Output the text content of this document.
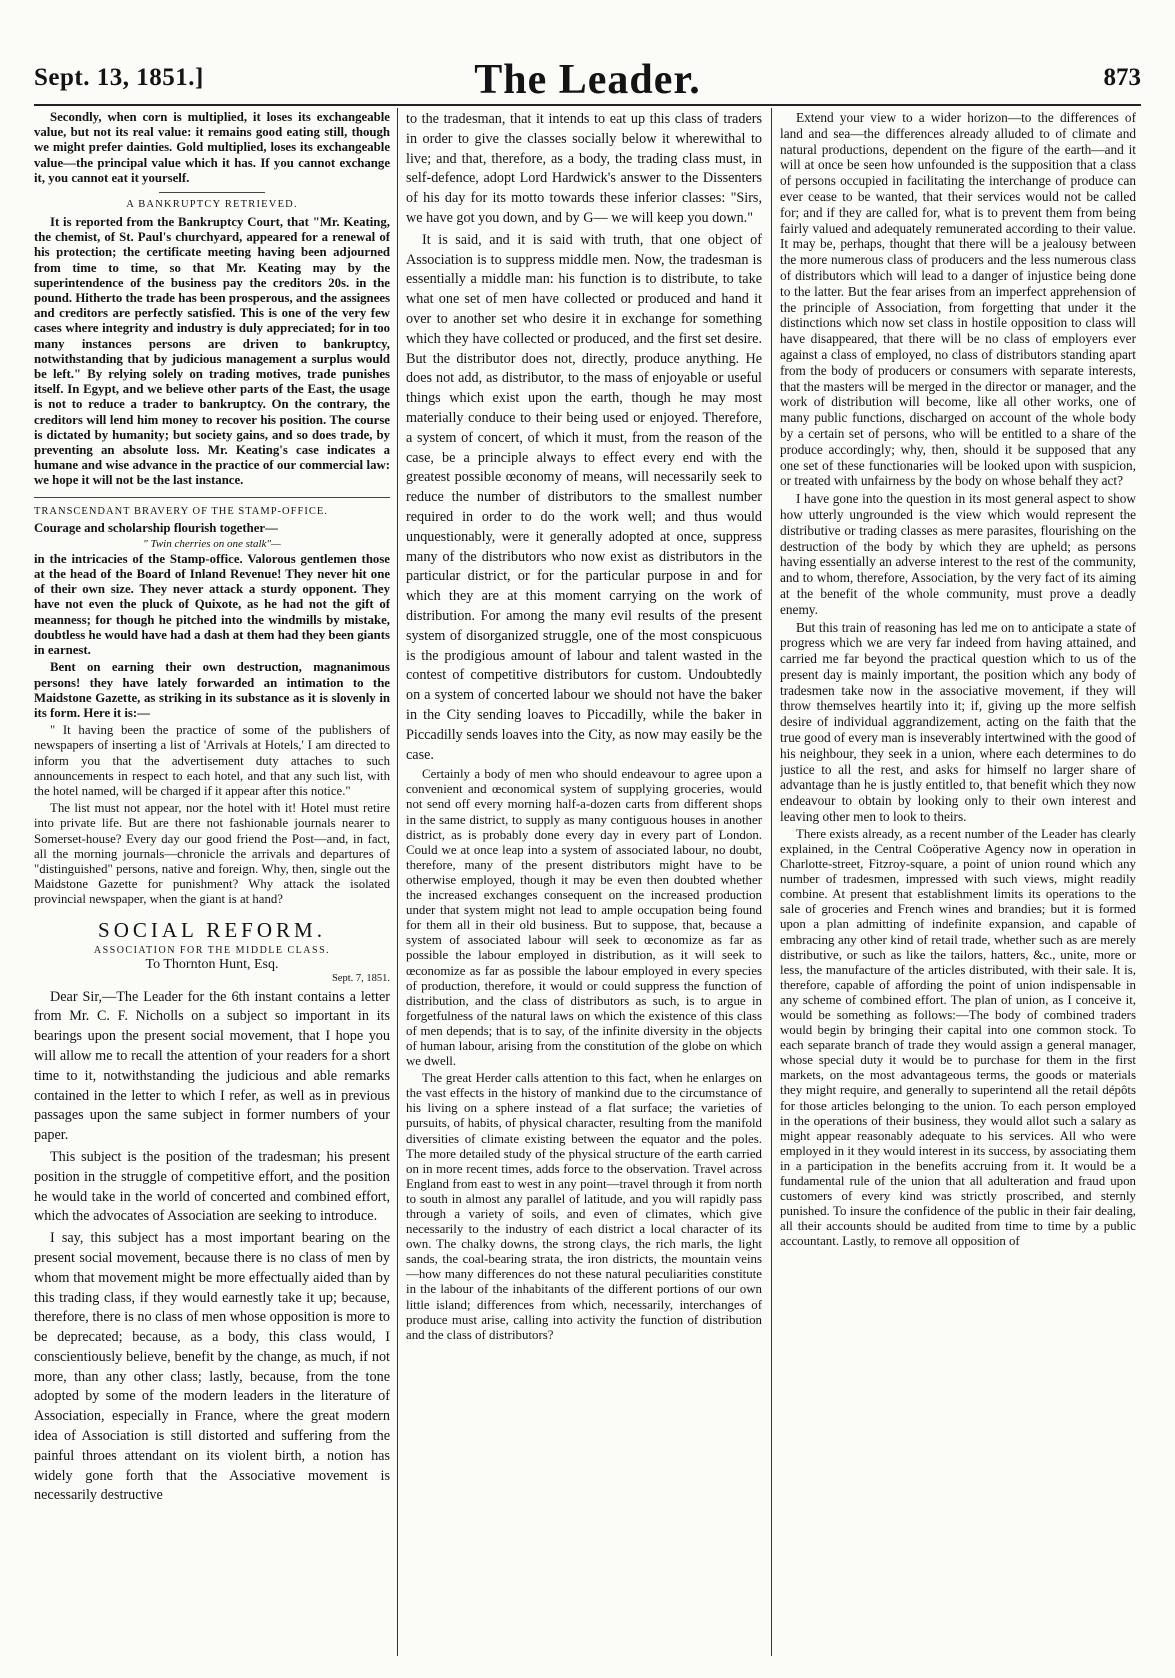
Sept. 13, 1851.]	The Leader.	873

Secondly, when corn is multiplied, it loses its exchangeable value, but not its real value: it remains good eating still, though we might prefer dainties. Gold multiplied, loses its exchangeable value—the principal value which it has. If you cannot exchange it, you cannot eat it yourself.

A BANKRUPTCY RETRIEVED.

It is reported from the Bankruptcy Court, that "Mr. Keating, the chemist, of St. Paul's churchyard, appeared for a renewal of his protection; the certificate meeting having been adjourned from time to time, so that Mr. Keating may by the superintendence of the business pay the creditors 20s. in the pound. Hitherto the trade has been prosperous, and the assignees and creditors are perfectly satisfied. This is one of the very few cases where integrity and industry is duly appreciated; for in too many instances persons are driven to bankruptcy, notwithstanding that by judicious management a surplus would be left." By relying solely on trading motives, trade punishes itself. In Egypt, and we believe other parts of the East, the usage is not to reduce a trader to bankruptcy. On the contrary, the creditors will lend him money to recover his position. The course is dictated by humanity; but society gains, and so does trade, by preventing an absolute loss. Mr. Keating's case indicates a humane and wise advance in the practice of our commercial law: we hope it will not be the last instance.

TRANSCENDANT BRAVERY OF THE STAMP-OFFICE.

Courage and scholarship flourish together—

" Twin cherries on one stalk"—

in the intricacies of the Stamp-office. Valorous gentlemen those at the head of the Board of Inland Revenue! They never hit one of their own size. They never attack a sturdy opponent. They have not even the pluck of Quixote, as he had not the gift of meanness; for though he pitched into the windmills by mistake, doubtless he would have had a dash at them had they been giants in earnest.

Bent on earning their own destruction, magnanimous persons! they have lately forwarded an intimation to the Maidstone Gazette, as striking in its substance as it is slovenly in its form. Here it is:—

" It having been the practice of some of the publishers of newspapers of inserting a list of 'Arrivals at Hotels,' I am directed to inform you that the advertisement duty attaches to such announcements in respect to each hotel, and that any such list, with the hotel named, will be charged if it appear after this notice."

The list must not appear, nor the hotel with it! Hotel must retire into private life. But are there not fashionable journals nearer to Somerset-house? Every day our good friend the Post—and, in fact, all the morning journals—chronicle the arrivals and departures of "distinguished" persons, native and foreign. Why, then, single out the Maidstone Gazette for punishment? Why attack the isolated provincial newspaper, when the giant is at hand?

SOCIAL REFORM.
ASSOCIATION FOR THE MIDDLE CLASS.
To Thornton Hunt, Esq.
Sept. 7, 1851.

Dear Sir,—The Leader for the 6th instant contains a letter from Mr. C. F. Nicholls on a subject so important in its bearings upon the present social movement, that I hope you will allow me to recall the attention of your readers for a short time to it, notwithstanding the judicious and able remarks contained in the letter to which I refer, as well as in previous passages upon the same subject in former numbers of your paper.

This subject is the position of the tradesman; his present position in the struggle of competitive effort, and the position he would take in the world of concerted and combined effort, which the advocates of Association are seeking to introduce.

I say, this subject has a most important bearing on the present social movement, because there is no class of men by whom that movement might be more effectually aided than by this trading class, if they would earnestly take it up; because, therefore, there is no class of men whose opposition is more to be deprecated; because, as a body, this class would, I conscientiously believe, benefit by the change, as much, if not more, than any other class; lastly, because, from the tone adopted by some of the modern leaders in the literature of Association, especially in France, where the great modern idea of Association is still distorted and suffering from the painful throes attendant on its violent birth, a notion has widely gone forth that the Associative movement is necessarily destructive

to the tradesman, that it intends to eat up this class of traders in order to give the classes socially below it wherewithal to live; and that, therefore, as a body, the trading class must, in self-defence, adopt Lord Hardwick's answer to the Dissenters of his day for its motto towards these inferior classes: "Sirs, we have got you down, and by G— we will keep you down."

It is said, and it is said with truth, that one object of Association is to suppress middle men. Now, the tradesman is essentially a middle man: his function is to distribute, to take what one set of men have collected or produced and hand it over to another set who desire it in exchange for something which they have collected or produced, and the first set desire. But the distributor does not, directly, produce anything. He does not add, as distributor, to the mass of enjoyable or useful things which exist upon the earth, though he may most materially conduce to their being used or enjoyed. Therefore, a system of concert, of which it must, from the reason of the case, be a principle always to effect every end with the greatest possible œconomy of means, will necessarily seek to reduce the number of distributors to the smallest number required in order to do the work well; and thus would unquestionably, were it generally adopted at once, suppress many of the distributors who now exist as distributors in the particular district, or for the particular purpose in and for which they are at this moment carrying on the work of distribution. For among the many evil results of the present system of disorganized struggle, one of the most conspicuous is the prodigious amount of labour and talent wasted in the contest of competitive distributors for custom. Undoubtedly on a system of concerted labour we should not have the baker in the City sending loaves to Piccadilly, while the baker in Piccadilly sends loaves into the City, as now may easily be the case.

Certainly a body of men who should endeavour to agree upon a convenient and œconomical system of supplying groceries, would not send off every morning half-a-dozen carts from different shops in the same district, to supply as many contiguous houses in another district, as is probably done every day in every part of London. Could we at once leap into a system of associated labour, no doubt, therefore, many of the present distributors might have to be otherwise employed, though it may be even then doubted whether the increased exchanges consequent on the increased production under that system might not lead to ample occupation being found for them all in their old business. But to suppose, that, because a system of associated labour will seek to œconomize as far as possible the labour employed in distribution, as it will seek to œconomize as far as possible the labour employed in every species of production, therefore, it would or could suppress the function of distribution, and the class of distributors as such, is to argue in forgetfulness of the natural laws on which the existence of this class of men depends; that is to say, of the infinite diversity in the objects of human labour, arising from the constitution of the globe on which we dwell.

The great Herder calls attention to this fact, when he enlarges on the vast effects in the history of mankind due to the circumstance of his living on a sphere instead of a flat surface; the varieties of pursuits, of habits, of physical character, resulting from the manifold diversities of climate existing between the equator and the poles. The more detailed study of the physical structure of the earth carried on in more recent times, adds force to the observation. Travel across England from east to west in any point—travel through it from north to south in almost any parallel of latitude, and you will rapidly pass through a variety of soils, and even of climates, which give necessarily to the industry of each district a local character of its own. The chalky downs, the strong clays, the rich marls, the light sands, the coal-bearing strata, the iron districts, the mountain veins—how many differences do not these natural peculiarities constitute in the labour of the inhabitants of the different portions of our own little island; differences from which, necessarily, interchanges of produce must arise, calling into activity the function of distribution and the class of distributors?

Extend your view to a wider horizon—to the differences of land and sea—the differences already alluded to of climate and natural productions, dependent on the figure of the earth—and it will at once be seen how unfounded is the supposition that a class of persons occupied in facilitating the interchange of produce can ever cease to be wanted, that their services would not be called for; and if they are called for, what is to prevent them from being fairly valued and adequately remunerated according to their value. It may be, perhaps, thought that there will be a jealousy between the more numerous class of producers and the less numerous class of distributors which will lead to a danger of injustice being done to the latter. But the fear arises from an imperfect apprehension of the principle of Association, from forgetting that under it the distinctions which now set class in hostile opposition to class will have disappeared, that there will be no class of employers ever against a class of employed, no class of distributors standing apart from the body of producers or consumers with separate interests, that the masters will be merged in the director or manager, and the work of distribution will become, like all other works, one of many public functions, discharged on account of the whole body by a certain set of persons, who will be entitled to a share of the produce accordingly; why, then, should it be supposed that any one set of these functionaries will be looked upon with suspicion, or treated with unfairness by the body on whose behalf they act?

I have gone into the question in its most general aspect to show how utterly ungrounded is the view which would represent the distributive or trading classes as mere parasites, flourishing on the destruction of the body by which they are upheld; as persons having essentially an adverse interest to the rest of the community, and to whom, therefore, Association, by the very fact of its aiming at the benefit of the whole community, must prove a deadly enemy.

But this train of reasoning has led me on to anticipate a state of progress which we are very far indeed from having attained, and carried me far beyond the practical question which to us of the present day is mainly important, the position which any body of tradesmen take now in the associative movement, if they will throw themselves heartily into it; if, giving up the more selfish desire of individual aggrandizement, acting on the faith that the true good of every man is inseverably intertwined with the good of his neighbour, they seek in a union, where each determines to do justice to all the rest, and asks for himself no larger share of advantage than he is justly entitled to, that benefit which they now endeavour to obtain by looking only to their own interest and leaving other men to look to theirs.

There exists already, as a recent number of the Leader has clearly explained, in the Central Coöperative Agency now in operation in Charlotte-street, Fitzroy-square, a point of union round which any number of tradesmen, impressed with such views, might readily combine. At present that establishment limits its operations to the sale of groceries and French wines and brandies; but it is formed upon a plan admitting of indefinite expansion, and capable of embracing any other kind of retail trade, whether such as are merely distributive, or such as like the tailors, hatters, &c., unite, more or less, the manufacture of the articles distributed, with their sale. It is, therefore, capable of affording the point of union indispensable in any scheme of combined effort. The plan of union, as I conceive it, would be something as follows:—The body of combined traders would begin by bringing their capital into one common stock. To each separate branch of trade they would assign a general manager, whose special duty it would be to purchase for them in the first markets, on the most advantageous terms, the goods or materials they might require, and generally to superintend all the retail dépôts for those articles belonging to the union. To each person employed in the operations of their business, they would allot such a salary as might appear reasonably adequate to his services. All who were employed in it they would interest in its success, by associating them in a participation in the benefits accruing from it. It would be a fundamental rule of the union that all adulteration and fraud upon customers of every kind was strictly proscribed, and sternly punished. To insure the confidence of the public in their fair dealing, all their accounts should be audited from time to time by a public accountant. Lastly, to remove all opposition of
